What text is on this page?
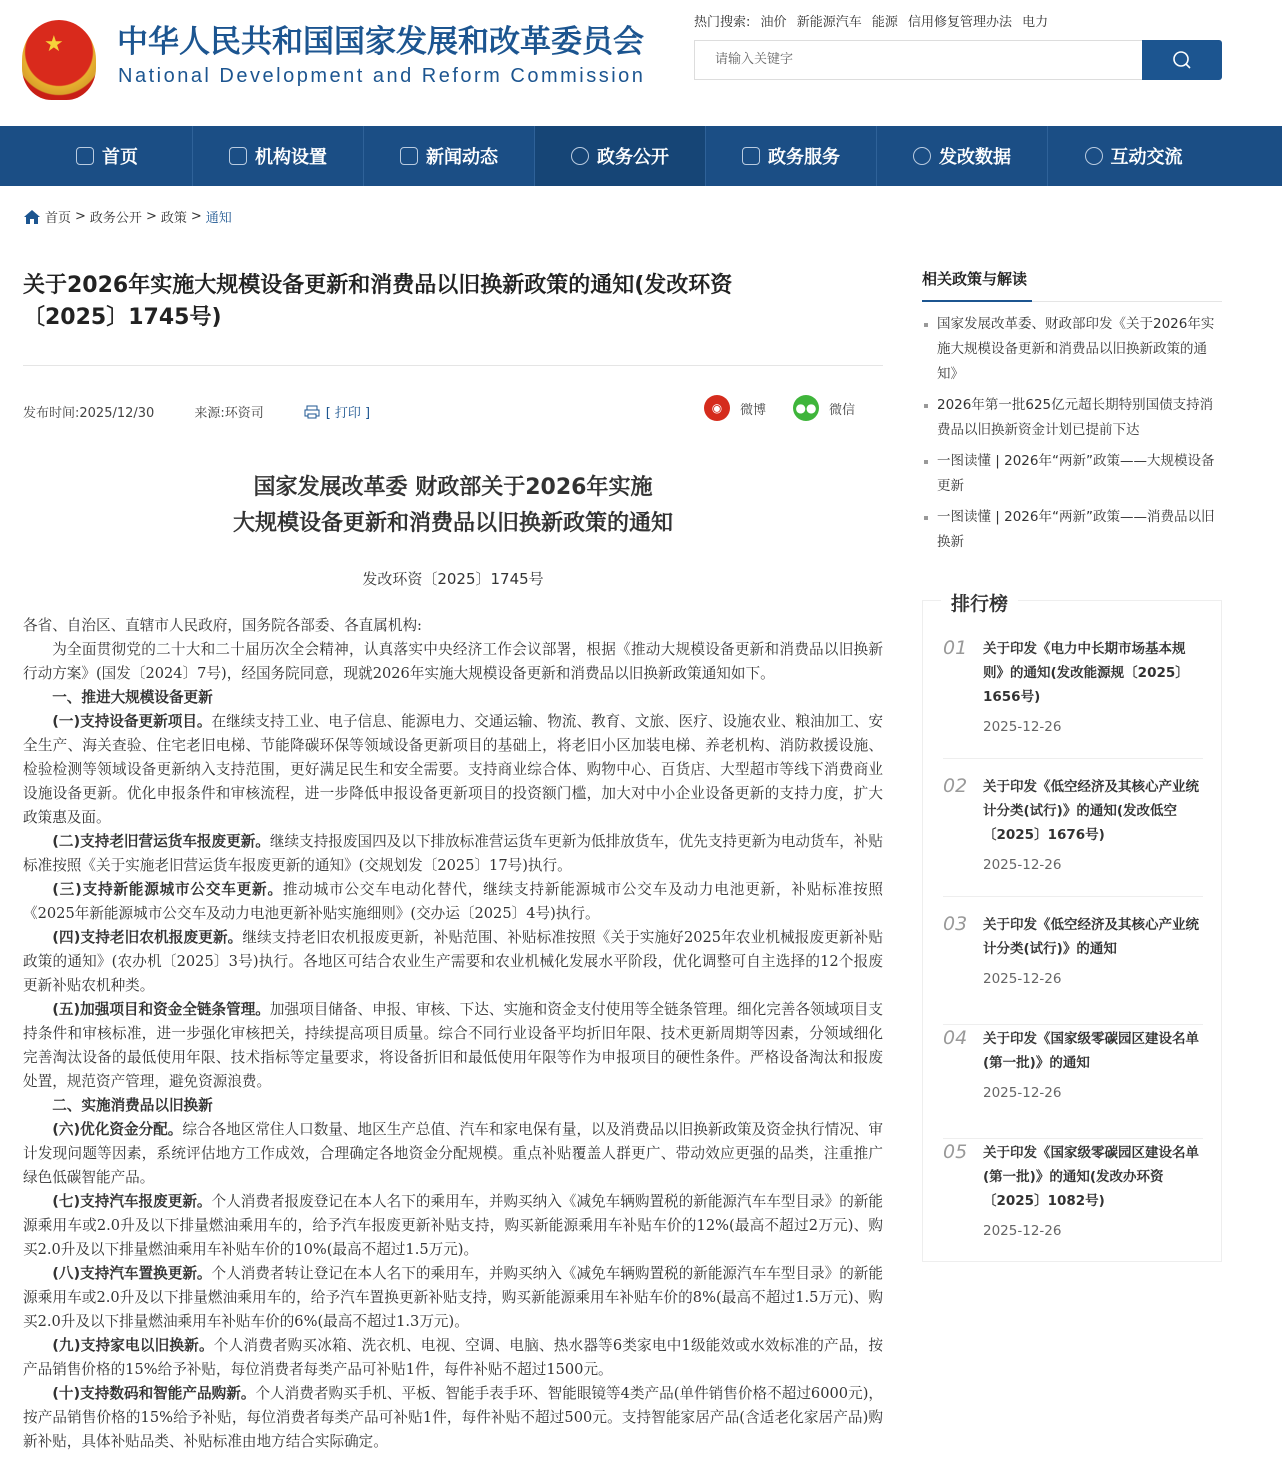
★ 中华人民共和国国家发展和改革委员会
National Development and Reform Commission
热门搜索: 油价 新能源汽车 能源 信用修复管理办法 电力
请输入关键字
首页	机构设置	新闻动态	政务公开	政务服务	发改数据	互动交流
首页 > 政务公开 > 政策 > 通知
关于2026年实施大规模设备更新和消费品以旧换新政策的通知(发改环资〔2025〕1745号)
发布时间:2025/12/30	来源:环资司	[ 打印 ]	◉	微博 ●● 微信
国家发展改革委 财政部关于2026年实施
大规模设备更新和消费品以旧换新政策的通知
发改环资〔2025〕1745号

各省、自治区、直辖市人民政府，国务院各部委、各直属机构:

为全面贯彻党的二十大和二十届历次全会精神，认真落实中央经济工作会议部署，根据《推动大规模设备更新和消费品以旧换新行动方案》(国发〔2024〕7号)，经国务院同意，现就2026年实施大规模设备更新和消费品以旧换新政策通知如下。

一、推进大规模设备更新

(一)支持设备更新项目。在继续支持工业、电子信息、能源电力、交通运输、物流、教育、文旅、医疗、设施农业、粮油加工、安全生产、海关查验、住宅老旧电梯、节能降碳环保等领域设备更新项目的基础上，将老旧小区加装电梯、养老机构、消防救援设施、检验检测等领域设备更新纳入支持范围，更好满足民生和安全需要。支持商业综合体、购物中心、百货店、大型超市等线下消费商业设施设备更新。优化申报条件和审核流程，进一步降低申报设备更新项目的投资额门槛，加大对中小企业设备更新的支持力度，扩大政策惠及面。

(二)支持老旧营运货车报废更新。继续支持报废国四及以下排放标准营运货车更新为低排放货车，优先支持更新为电动货车，补贴标准按照《关于实施老旧营运货车报废更新的通知》(交规划发〔2025〕17号)执行。

(三)支持新能源城市公交车更新。推动城市公交车电动化替代，继续支持新能源城市公交车及动力电池更新，补贴标准按照《2025年新能源城市公交车及动力电池更新补贴实施细则》(交办运〔2025〕4号)执行。

(四)支持老旧农机报废更新。继续支持老旧农机报废更新，补贴范围、补贴标准按照《关于实施好2025年农业机械报废更新补贴政策的通知》(农办机〔2025〕3号)执行。各地区可结合农业生产需要和农业机械化发展水平阶段，优化调整可自主选择的12个报废更新补贴农机种类。

(五)加强项目和资金全链条管理。加强项目储备、申报、审核、下达、实施和资金支付使用等全链条管理。细化完善各领域项目支持条件和审核标准，进一步强化审核把关，持续提高项目质量。综合不同行业设备平均折旧年限、技术更新周期等因素，分领域细化完善淘汰设备的最低使用年限、技术指标等定量要求，将设备折旧和最低使用年限等作为申报项目的硬性条件。严格设备淘汰和报废处置，规范资产管理，避免资源浪费。

二、实施消费品以旧换新

(六)优化资金分配。综合各地区常住人口数量、地区生产总值、汽车和家电保有量，以及消费品以旧换新政策及资金执行情况、审计发现问题等因素，系统评估地方工作成效，合理确定各地资金分配规模。重点补贴覆盖人群更广、带动效应更强的品类，注重推广绿色低碳智能产品。

(七)支持汽车报废更新。个人消费者报废登记在本人名下的乘用车，并购买纳入《减免车辆购置税的新能源汽车车型目录》的新能源乘用车或2.0升及以下排量燃油乘用车的，给予汽车报废更新补贴支持，购买新能源乘用车补贴车价的12%(最高不超过2万元)、购买2.0升及以下排量燃油乘用车补贴车价的10%(最高不超过1.5万元)。

(八)支持汽车置换更新。个人消费者转让登记在本人名下的乘用车，并购买纳入《减免车辆购置税的新能源汽车车型目录》的新能源乘用车或2.0升及以下排量燃油乘用车的，给予汽车置换更新补贴支持，购买新能源乘用车补贴车价的8%(最高不超过1.5万元)、购买2.0升及以下排量燃油乘用车补贴车价的6%(最高不超过1.3万元)。

(九)支持家电以旧换新。个人消费者购买冰箱、洗衣机、电视、空调、电脑、热水器等6类家电中1级能效或水效标准的产品，按产品销售价格的15%给予补贴，每位消费者每类产品可补贴1件，每件补贴不超过1500元。

(十)支持数码和智能产品购新。个人消费者购买手机、平板、智能手表手环、智能眼镜等4类产品(单件销售价格不超过6000元)，按产品销售价格的15%给予补贴，每位消费者每类产品可补贴1件，每件补贴不超过500元。支持智能家居产品(含适老化家居产品)购新补贴，具体补贴品类、补贴标准由地方结合实际确定。

相关政策与解读
国家发展改革委、财政部印发《关于2026年实施大规模设备更新和消费品以旧换新政策的通知》
2026年第一批625亿元超长期特别国债支持消费品以旧换新资金计划已提前下达
一图读懂 | 2026年“两新”政策——大规模设备更新
一图读懂 | 2026年“两新”政策——消费品以旧换新
排行榜
01 关于印发《电力中长期市场基本规则》的通知(发改能源规〔2025〕1656号)
2025-12-26
02 关于印发《低空经济及其核心产业统计分类(试行)》的通知(发改低空〔2025〕1676号)
2025-12-26
03 关于印发《低空经济及其核心产业统计分类(试行)》的通知
2025-12-26
04 关于印发《国家级零碳园区建设名单(第一批)》的通知
2025-12-26
05 关于印发《国家级零碳园区建设名单(第一批)》的通知(发改办环资〔2025〕1082号)
2025-12-26
